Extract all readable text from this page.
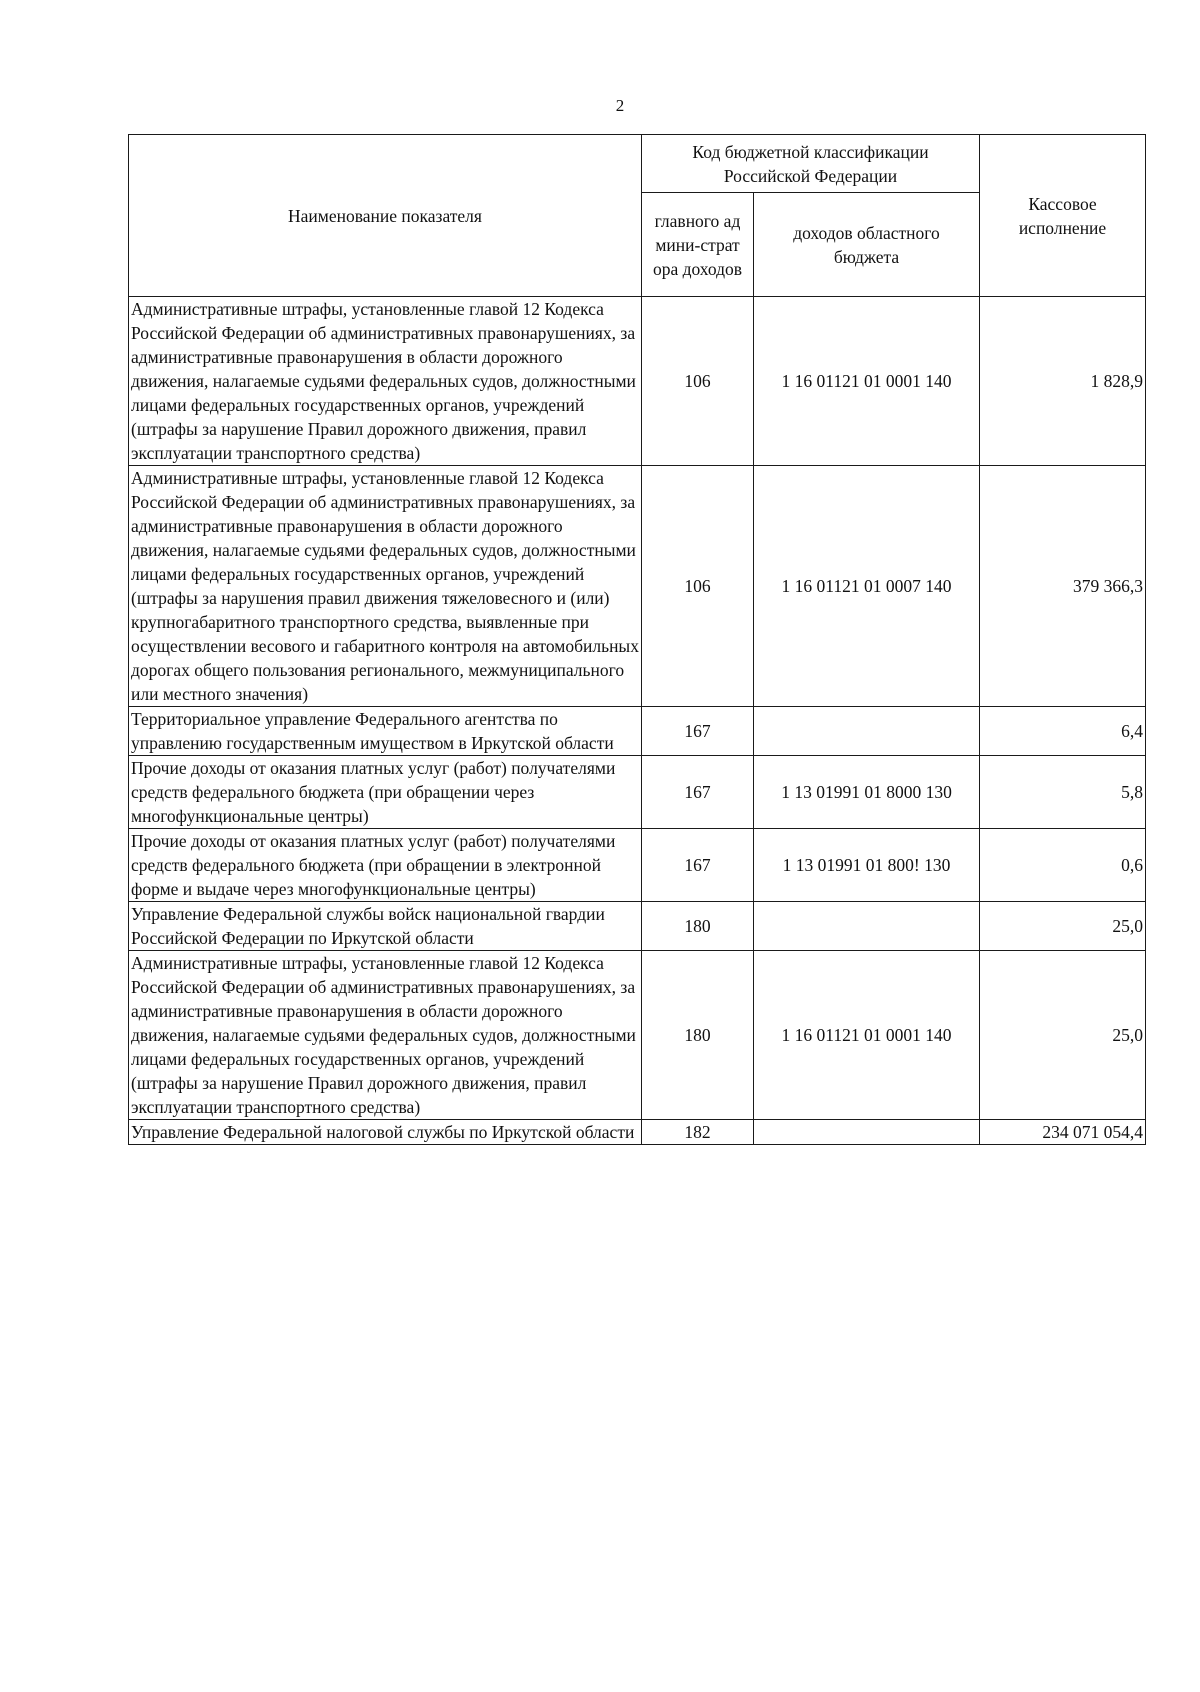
2
Наименование показателя	Код бюджетной классификации Российской Федерации		Кассовое исполнение
	главного админи-стратора доходов	доходов областного бюджета	
Административные штрафы, установленные главой 12 Кодекса Российской Федерации об административных правонарушениях, за административные правонарушения в области дорожного движения, налагаемые судьями федеральных судов, должностными лицами федеральных государственных органов, учреждений (штрафы за нарушение Правил дорожного движения, правил эксплуатации транспортного средства)	106	1 16 01121 01 0001 140	1 828,9
Административные штрафы, установленные главой 12 Кодекса Российской Федерации об административных правонарушениях, за административные правонарушения в области дорожного движения, налагаемые судьями федеральных судов, должностными лицами федеральных государственных органов, учреждений (штрафы за нарушения правил движения тяжеловесного и (или) крупногабаритного транспортного средства, выявленные при осуществлении весового и габаритного контроля на автомобильных дорогах общего пользования регионального, межмуниципального или местного значения)	106	1 16 01121 01 0007 140	379 366,3
Территориальное управление Федерального агентства по управлению государственным имуществом в Иркутской области	167		6,4
Прочие доходы от оказания платных услуг (работ) получателями средств федерального бюджета (при обращении через многофункциональные центры)	167	1 13 01991 01 8000 130	5,8
Прочие доходы от оказания платных услуг (работ) получателями средств федерального бюджета (при обращении в электронной форме и выдаче через многофункциональные центры)	167	1 13 01991 01 800! 130	0,6
Управление Федеральной службы войск национальной гвардии Российской Федерации по Иркутской области	180		25,0
Административные штрафы, установленные главой 12 Кодекса Российской Федерации об административных правонарушениях, за административные правонарушения в области дорожного движения, налагаемые судьями федеральных судов, должностными лицами федеральных государственных органов, учреждений (штрафы за нарушение Правил дорожного движения, правил эксплуатации транспортного средства)	180	1 16 01121 01 0001 140	25,0
Управление Федеральной налоговой службы по Иркутской области	182		234 071 054,4
